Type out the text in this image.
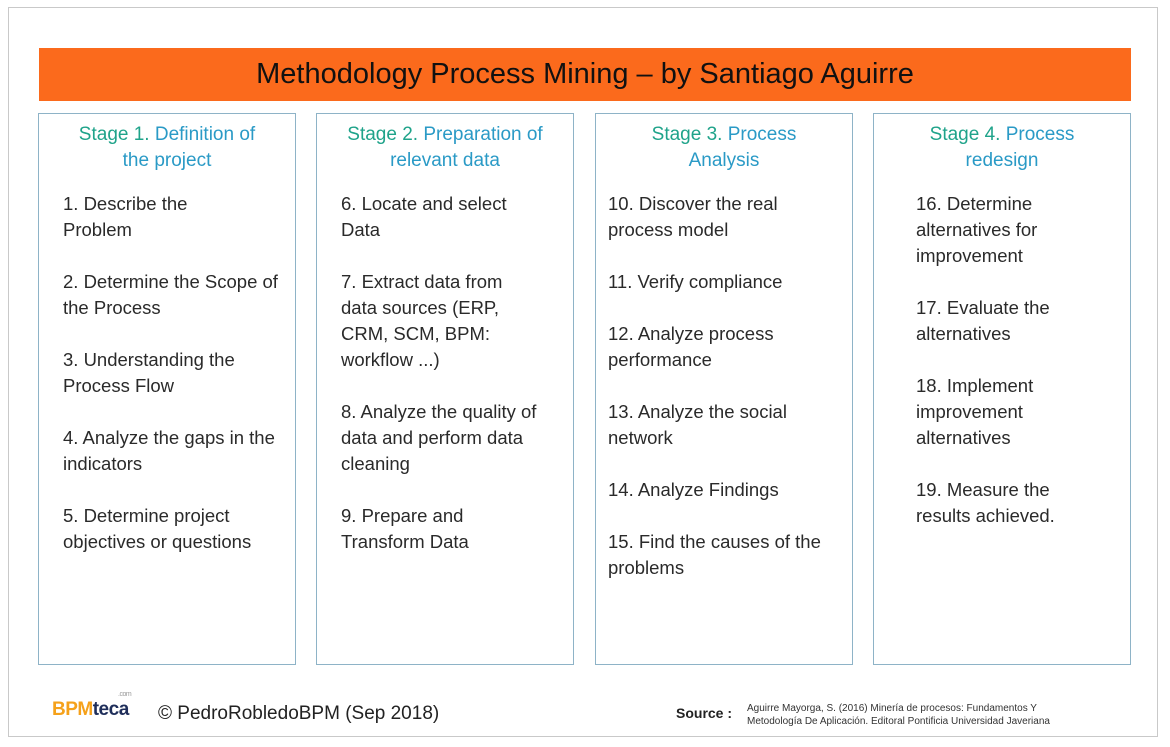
Methodology Process Mining – by Santiago Aguirre
Stage 1. Definition of
the project
1. Describe the Problem
2. Determine the Scope of the Process
3. Understanding the Process Flow
4. Analyze the gaps in the indicators
5. Determine project objectives or questions
Stage 2. Preparation of
relevant data
6. Locate and select Data
7. Extract data from data sources (ERP, CRM, SCM, BPM: workflow ...)
8. Analyze the quality of data and perform data cleaning
9. Prepare and Transform Data
Stage 3. Process
Analysis
10. Discover the real process model
11. Verify compliance
12. Analyze process performance
13. Analyze the social network
14. Analyze Findings
15. Find the causes of the problems
Stage 4. Process
redesign
16. Determine alternatives for improvement
17. Evaluate the alternatives
18. Implement improvement alternatives
19. Measure the results achieved.
BPMteca
.com
© PedroRobledoBPM (Sep 2018)	Source : Aguirre Mayorga, S. (2016) Minería de procesos: Fundamentos Y
Metodología De Aplicación. Editoral Pontificia Universidad Javeriana
